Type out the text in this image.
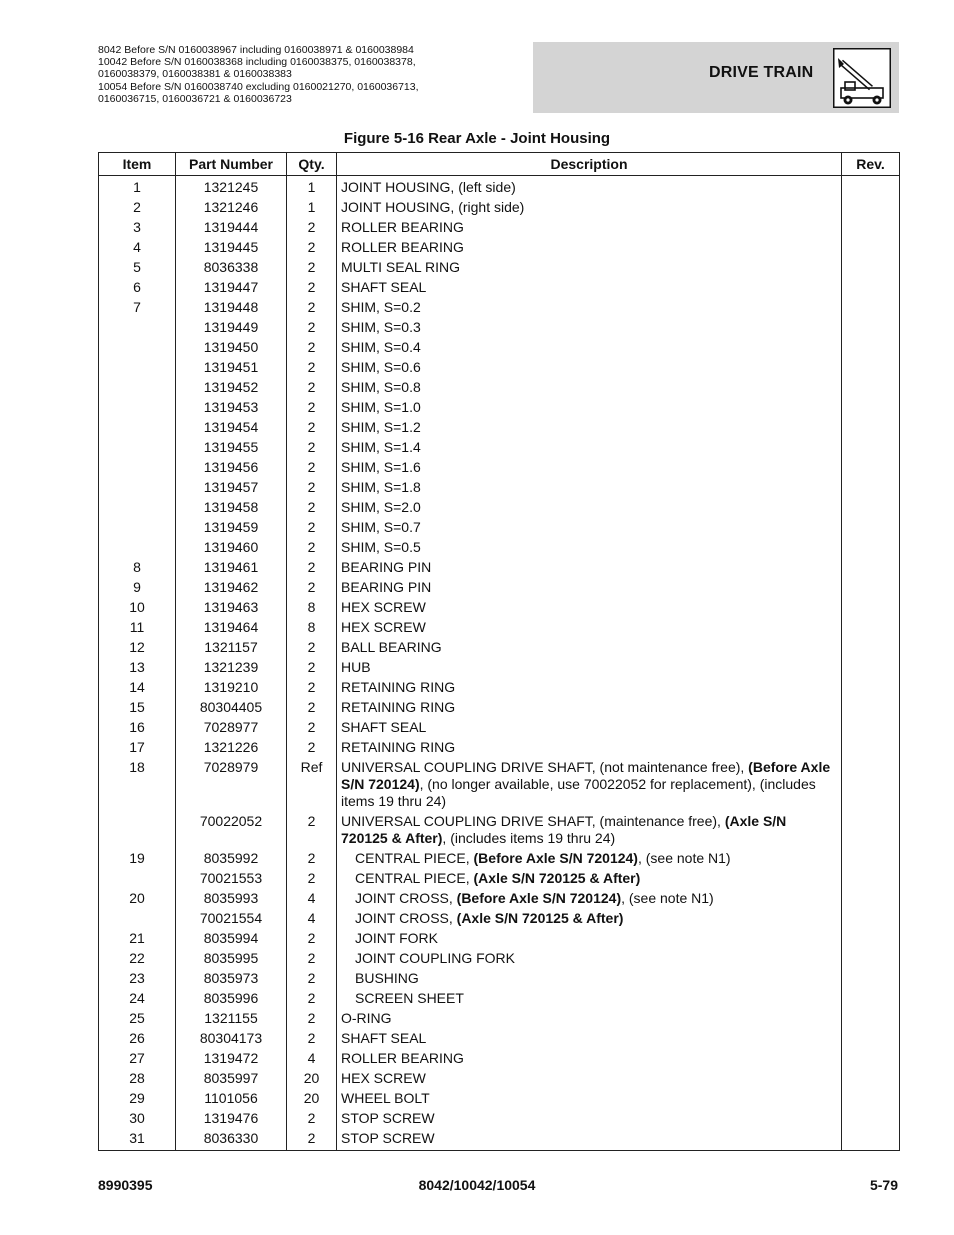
8042 Before S/N 0160038967 including 0160038971 & 0160038984
10042 Before S/N 0160038368 including 0160038375, 0160038378,
0160038379, 0160038381 & 0160038383
10054 Before S/N 0160038740 excluding 0160021270, 0160036713,
0160036715, 0160036721 & 0160036723
DRIVE TRAIN
Figure 5-16 Rear Axle - Joint Housing
Item	Part Number	Qty.	Description	Rev.
1	1321245	1	JOINT HOUSING, (left side)	
2	1321246	1	JOINT HOUSING, (right side)	
3	1319444	2	ROLLER BEARING	
4	1319445	2	ROLLER BEARING	
5	8036338	2	MULTI SEAL RING	
6	1319447	2	SHAFT SEAL	
7	1319448	2	SHIM, S=0.2	
	1319449	2	SHIM, S=0.3	
	1319450	2	SHIM, S=0.4	
	1319451	2	SHIM, S=0.6	
	1319452	2	SHIM, S=0.8	
	1319453	2	SHIM, S=1.0	
	1319454	2	SHIM, S=1.2	
	1319455	2	SHIM, S=1.4	
	1319456	2	SHIM, S=1.6	
	1319457	2	SHIM, S=1.8	
	1319458	2	SHIM, S=2.0	
	1319459	2	SHIM, S=0.7	
	1319460	2	SHIM, S=0.5	
8	1319461	2	BEARING PIN	
9	1319462	2	BEARING PIN	
10	1319463	8	HEX SCREW	
11	1319464	8	HEX SCREW	
12	1321157	2	BALL BEARING	
13	1321239	2	HUB	
14	1319210	2	RETAINING RING	
15	80304405	2	RETAINING RING	
16	7028977	2	SHAFT SEAL	
17	1321226	2	RETAINING RING	
18	7028979	Ref	UNIVERSAL COUPLING DRIVE SHAFT, (not maintenance free), (Before Axle S/N 720124), (no longer available, use 70022052 for replacement), (includes items 19 thru 24)	
	70022052	2	UNIVERSAL COUPLING DRIVE SHAFT, (maintenance free), (Axle S/N 720125 & After), (includes items 19 thru 24)	
19	8035992	2	CENTRAL PIECE, (Before Axle S/N 720124), (see note N1)	
	70021553	2	CENTRAL PIECE, (Axle S/N 720125 & After)	
20	8035993	4	JOINT CROSS, (Before Axle S/N 720124), (see note N1)	
	70021554	4	JOINT CROSS, (Axle S/N 720125 & After)	
21	8035994	2	JOINT FORK	
22	8035995	2	JOINT COUPLING FORK	
23	8035973	2	BUSHING	
24	8035996	2	SCREEN SHEET	
25	1321155	2	O-RING	
26	80304173	2	SHAFT SEAL	
27	1319472	4	ROLLER BEARING	
28	8035997	20	HEX SCREW	
29	1101056	20	WHEEL BOLT	
30	1319476	2	STOP SCREW	
31	8036330	2	STOP SCREW	
8990395	8042/10042/10054	5-79
